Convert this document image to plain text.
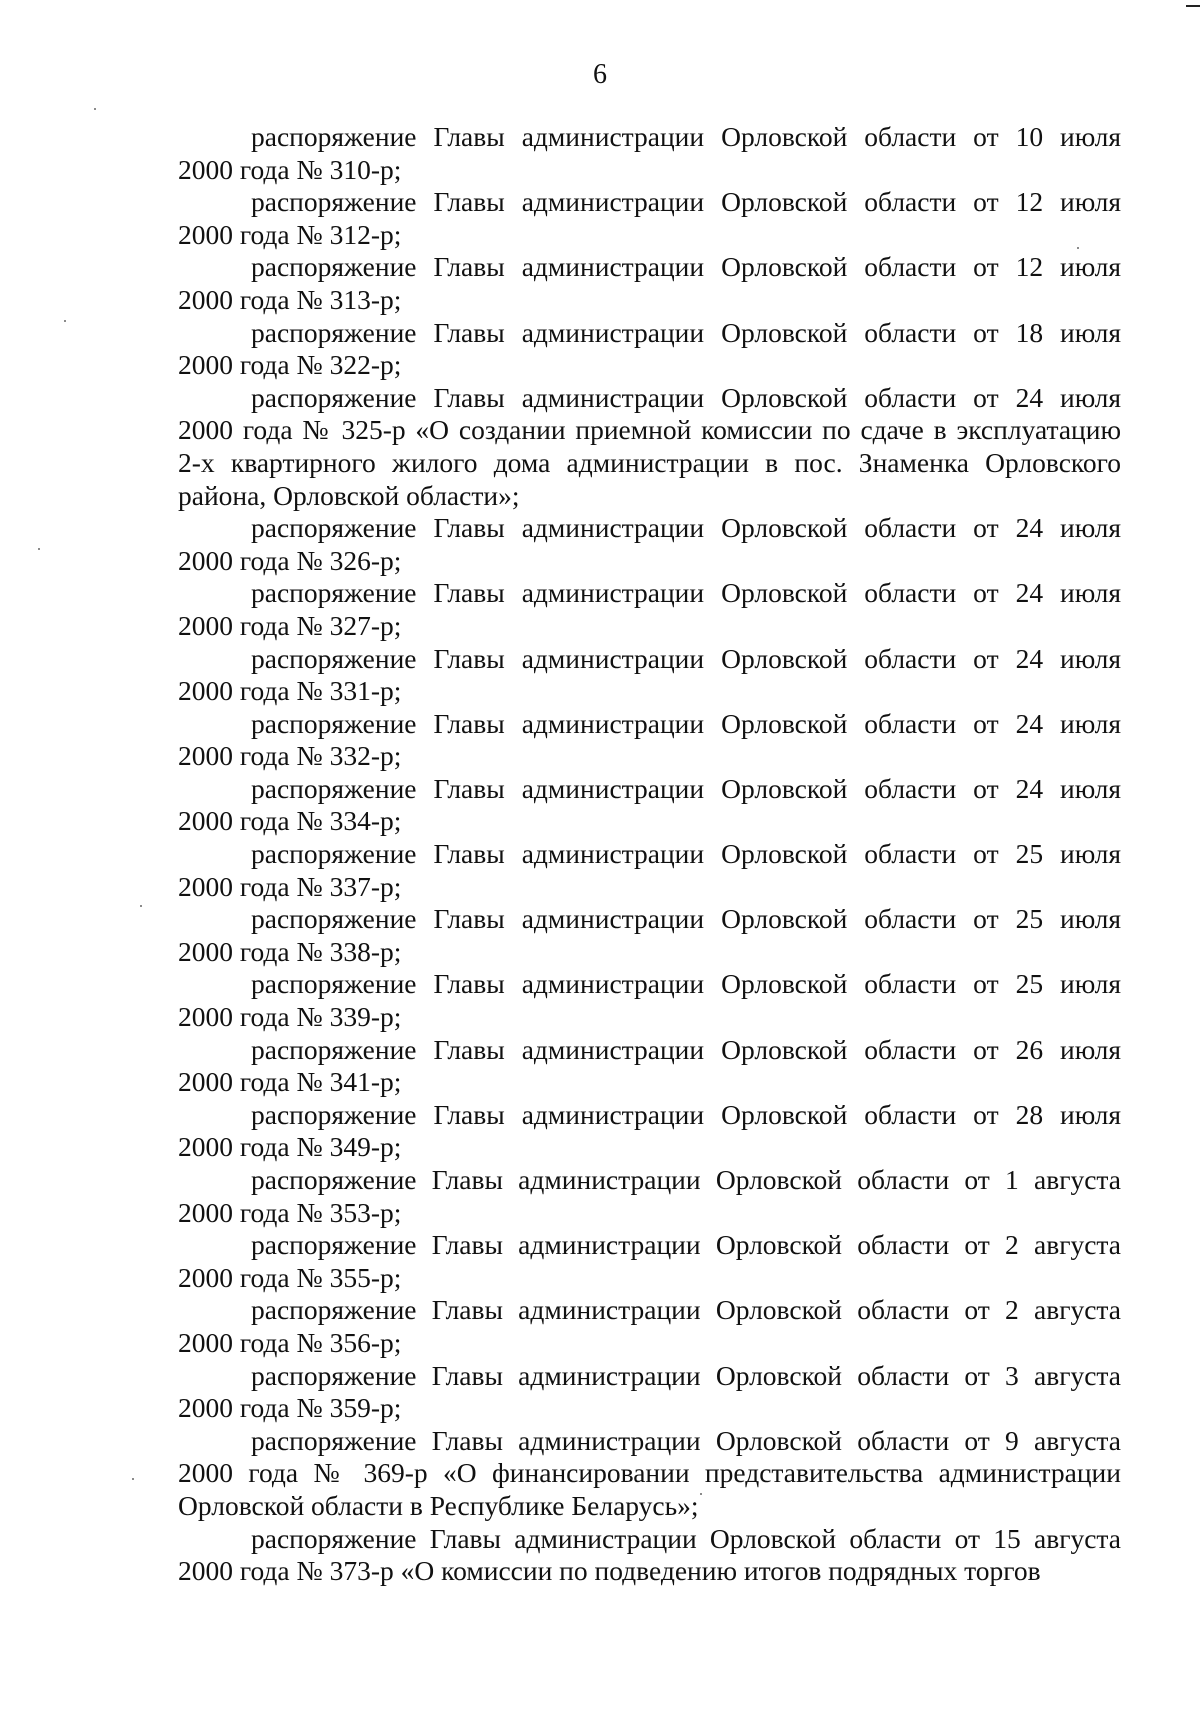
6

распоряжение Главы администрации Орловской области от 10 июля
2000 года № 310-р;

распоряжение Главы администрации Орловской области от 12 июля
2000 года № 312-р;

распоряжение Главы администрации Орловской области от 12 июля
2000 года № 313-р;

распоряжение Главы администрации Орловской области от 18 июля
2000 года № 322-р;

распоряжение Главы администрации Орловской области от 24 июля
2000 года № 325-р «О создании приемной комиссии по сдаче в эксплуатацию
2-х квартирного жилого дома администрации в пос. Знаменка Орловского
района, Орловской области»;

распоряжение Главы администрации Орловской области от 24 июля
2000 года № 326-р;

распоряжение Главы администрации Орловской области от 24 июля
2000 года № 327-р;

распоряжение Главы администрации Орловской области от 24 июля
2000 года № 331-р;

распоряжение Главы администрации Орловской области от 24 июля
2000 года № 332-р;

распоряжение Главы администрации Орловской области от 24 июля
2000 года № 334-р;

распоряжение Главы администрации Орловской области от 25 июля
2000 года № 337-р;

распоряжение Главы администрации Орловской области от 25 июля
2000 года № 338-р;

распоряжение Главы администрации Орловской области от 25 июля
2000 года № 339-р;

распоряжение Главы администрации Орловской области от 26 июля
2000 года № 341-р;

распоряжение Главы администрации Орловской области от 28 июля
2000 года № 349-р;

распоряжение Главы администрации Орловской области от 1 августа
2000 года № 353-р;

распоряжение Главы администрации Орловской области от 2 августа
2000 года № 355-р;

распоряжение Главы администрации Орловской области от 2 августа
2000 года № 356-р;

распоряжение Главы администрации Орловской области от 3 августа
2000 года № 359-р;

распоряжение Главы администрации Орловской области от 9 августа
2000 года № 369-р «О финансировании представительства администрации
Орловской области в Республике Беларусь»;

распоряжение Главы администрации Орловской области от 15 августа
2000 года № 373-р «О комиссии по подведению итогов подрядных торгов
